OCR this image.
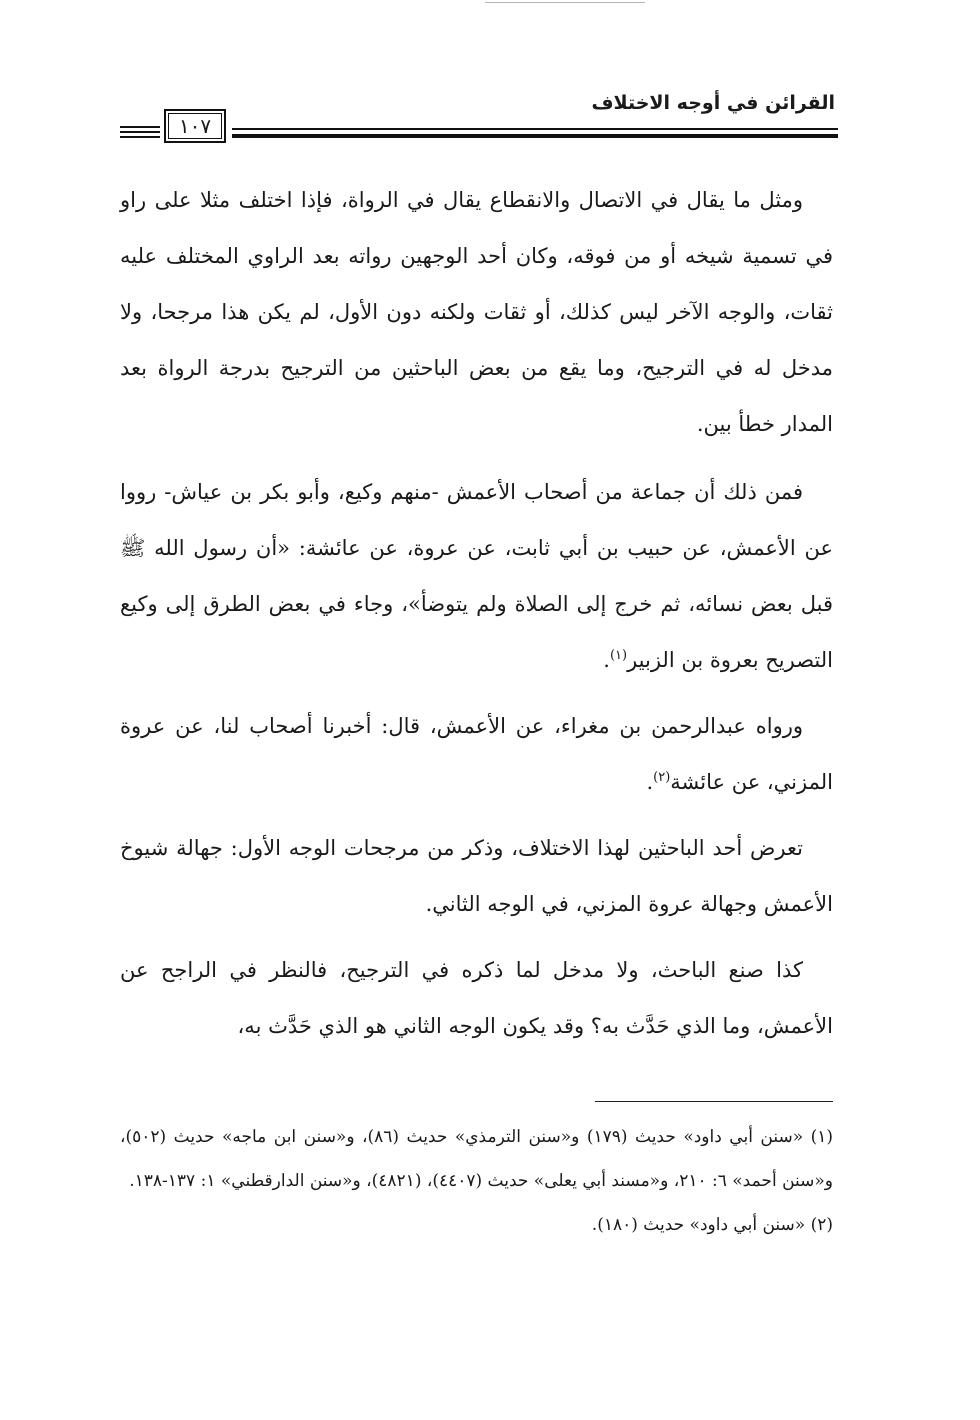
القرائن في أوجه الاختلاف
١٠٧

ومثل ما يقال في الاتصال والانقطاع يقال في الرواة، فإذا اختلف مثلا على راو في تسمية شيخه أو من فوقه، وكان أحد الوجهين رواته بعد الراوي المختلف عليه ثقات، والوجه الآخر ليس كذلك، أو ثقات ولكنه دون الأول، لم يكن هذا مرجحا، ولا مدخل له في الترجيح، وما يقع من بعض الباحثين من الترجيح بدرجة الرواة بعد المدار خطأ بين.

فمن ذلك أن جماعة من أصحاب الأعمش -منهم وكيع، وأبو بكر بن عياش- رووا عن الأعمش، عن حبيب بن أبي ثابت، عن عروة، عن عائشة: «أن رسول الله ﷺ قبل بعض نسائه، ثم خرج إلى الصلاة ولم يتوضأ»، وجاء في بعض الطرق إلى وكيع التصريح بعروة بن الزبير$^{(١)}$.

ورواه عبدالرحمن بن مغراء، عن الأعمش، قال: أخبرنا أصحاب لنا، عن عروة المزني، عن عائشة$^{(٢)}$.

تعرض أحد الباحثين لهذا الاختلاف، وذكر من مرجحات الوجه الأول: جهالة شيوخ الأعمش وجهالة عروة المزني، في الوجه الثاني.

كذا صنع الباحث، ولا مدخل لما ذكره في الترجيح، فالنظر في الراجح عن الأعمش، وما الذي حَدَّث به؟ وقد يكون الوجه الثاني هو الذي حَدَّث به،

(١) «سنن أبي داود» حديث (١٧٩) و«سنن الترمذي» حديث (٨٦)، و«سنن ابن ماجه» حديث (٥٠٢)، و«سنن أحمد» ٦: ٢١٠، و«مسند أبي يعلى» حديث (٤٤٠٧)، (٤٨٢١)، و«سنن الدارقطني» ١: ١٣٧-١٣٨.

(٢) «سنن أبي داود» حديث (١٨٠).
